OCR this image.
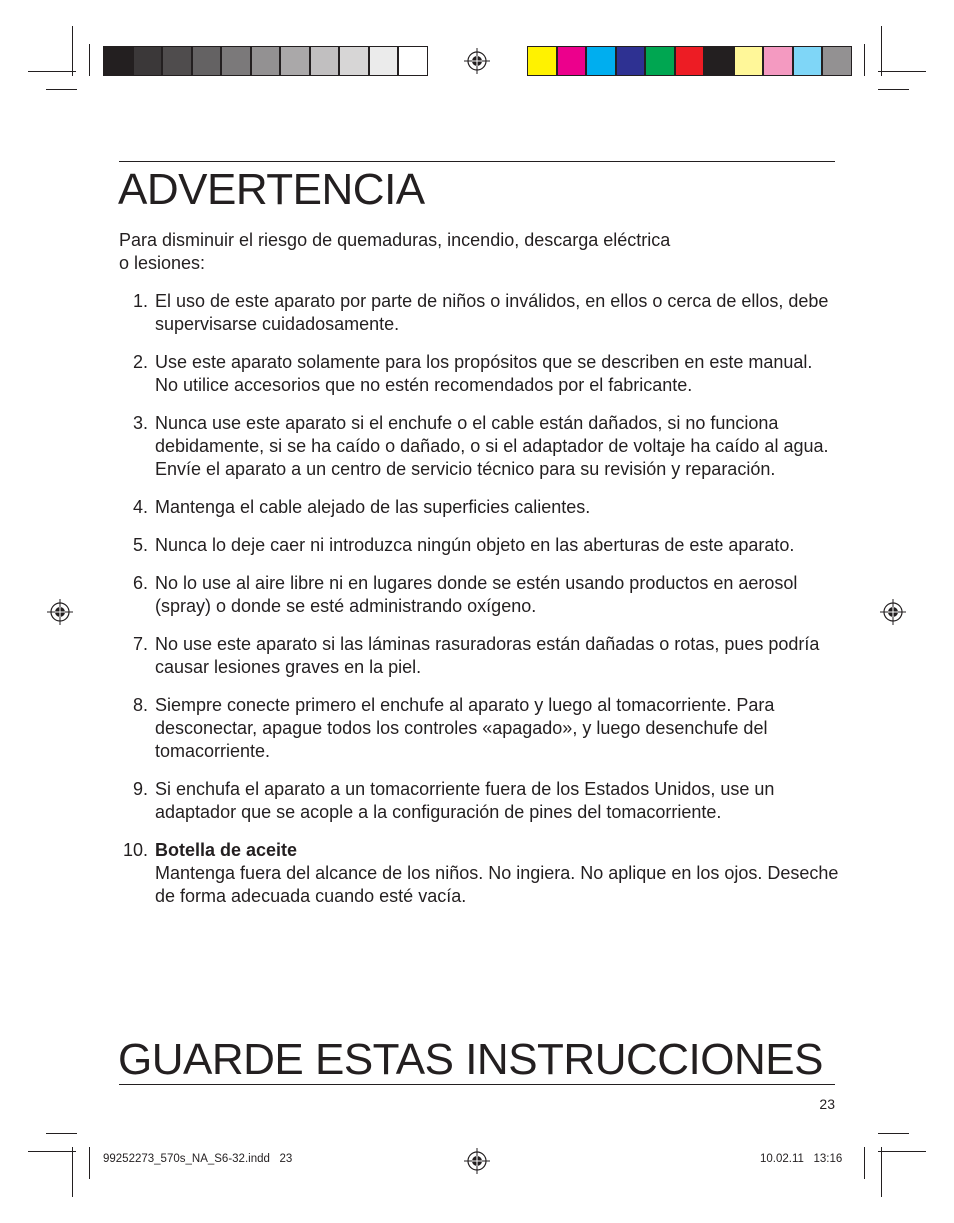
ADVERTENCIA

Para disminuir el riesgo de quemaduras, incendio, descarga eléctrica
o lesiones:

1. El uso de este aparato por parte de niños o inválidos, en ellos o cerca de ellos, debe supervisarse cuidadosamente.
2. Use este aparato solamente para los propósitos que se describen en este manual. No utilice accesorios que no estén recomendados por el fabricante.
3. Nunca use este aparato si el enchufe o el cable están dañados, si no funciona debidamente, si se ha caído o dañado, o si el adaptador de voltaje ha caído al agua. Envíe el aparato a un centro de servicio técnico para su revisión y reparación.
4. Mantenga el cable alejado de las superficies calientes.
5. Nunca lo deje caer ni introduzca ningún objeto en las aberturas de este aparato.
6. No lo use al aire libre ni en lugares donde se estén usando productos en aerosol (spray) o donde se esté administrando oxígeno.
7. No use este aparato si las láminas rasuradoras están dañadas o rotas, pues podría causar lesiones graves en la piel.
8. Siempre conecte primero el enchufe al aparato y luego al tomacorriente. Para desconectar, apague todos los controles «apagado», y luego desenchufe del tomacorriente.
9. Si enchufa el aparato a un tomacorriente fuera de los Estados Unidos, use un adaptador que se acople a la configuración de pines del tomacorriente.
10. Botella de aceite
Mantenga fuera del alcance de los niños. No ingiera. No aplique en los ojos. Deseche de forma adecuada cuando esté vacía.
GUARDE ESTAS INSTRUCCIONES
23
99252273_570s_NA_S6-32.indd   23	10.02.11   13:16
